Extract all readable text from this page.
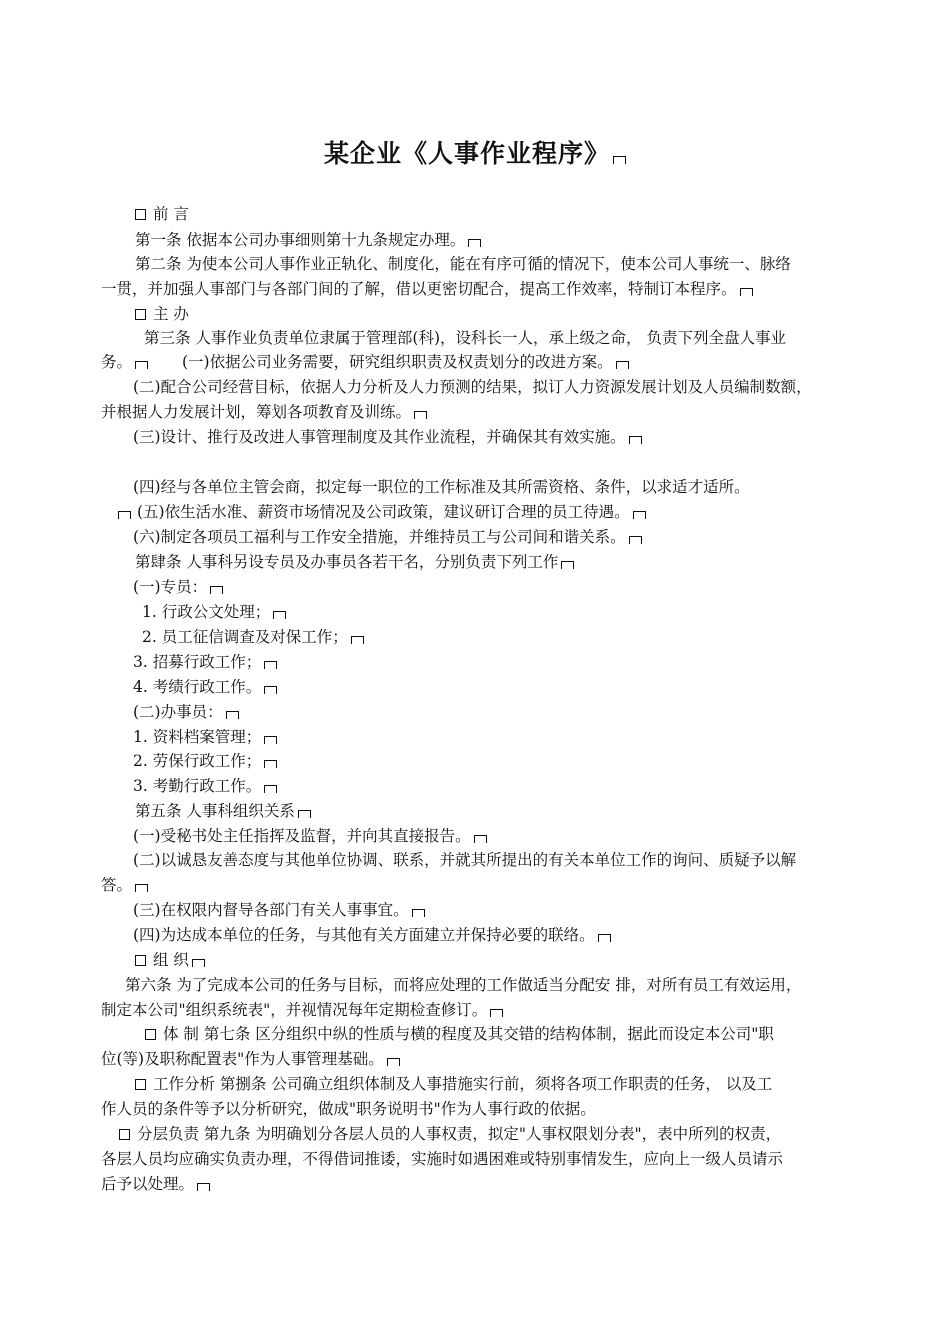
某企业《人事作业程序》
前 言
第一条 依据本公司办事细则第十九条规定办理。
第二条 为使本公司人事作业正轨化、制度化，能在有序可循的情况下，使本公司人事统一、脉络
一贯，并加强人事部门与各部门间的了解，借以更密切配合，提高工作效率，特制订本程序。
主 办
第三条 人事作业负责单位隶属于管理部(科)，设科长一人，承上级之命， 负责下列全盘人事业
务。	(一)依据公司业务需要，研究组织职责及权责划分的改进方案。
(二)配合公司经营目标，依据人力分析及人力预测的结果，拟订人力资源发展计划及人员编制数额，
并根据人力发展计划，筹划各项教育及训练。
(三)设计、推行及改进人事管理制度及其作业流程，并确保其有效实施。
(四)经与各单位主管会商，拟定每一职位的工作标准及其所需资格、条件，以求适才适所。
(五)依生活水准、薪资市场情况及公司政策，建议研订合理的员工待遇。
(六)制定各项员工福利与工作安全措施，并维持员工与公司间和谐关系。
第肆条 人事科另设专员及办事员各若干名，分别负责下列工作
(一)专员：
1. 行政公文处理；
2. 员工征信调查及对保工作；
3. 招募行政工作；
4. 考绩行政工作。
(二)办事员：
1. 资料档案管理；
2. 劳保行政工作；
3. 考勤行政工作。
第五条 人事科组织关系
(一)受秘书处主任指挥及监督，并向其直接报告。
(二)以诚恳友善态度与其他单位协调、联系，并就其所提出的有关本单位工作的询问、质疑予以解
答。
(三)在权限内督导各部门有关人事事宜。
(四)为达成本单位的任务，与其他有关方面建立并保持必要的联络。
组 织
第六条 为了完成本公司的任务与目标，而将应处理的工作做适当分配安 排，对所有员工有效运用，
制定本公司"组织系统表"，并视情况每年定期检查修订。
体 制 第七条 区分组织中纵的性质与横的程度及其交错的结构体制，据此而设定本公司"职
位(等)及职称配置表"作为人事管理基础。
工作分析 第捌条 公司确立组织体制及人事措施实行前，须将各项工作职责的任务， 以及工
作人员的条件等予以分析研究，做成"职务说明书"作为人事行政的依据。
分层负责 第九条 为明确划分各层人员的人事权责，拟定"人事权限划分表"，表中所列的权责，
各层人员均应确实负责办理，不得借词推诿，实施时如遇困难或特别事情发生，应向上一级人员请示
后予以处理。
